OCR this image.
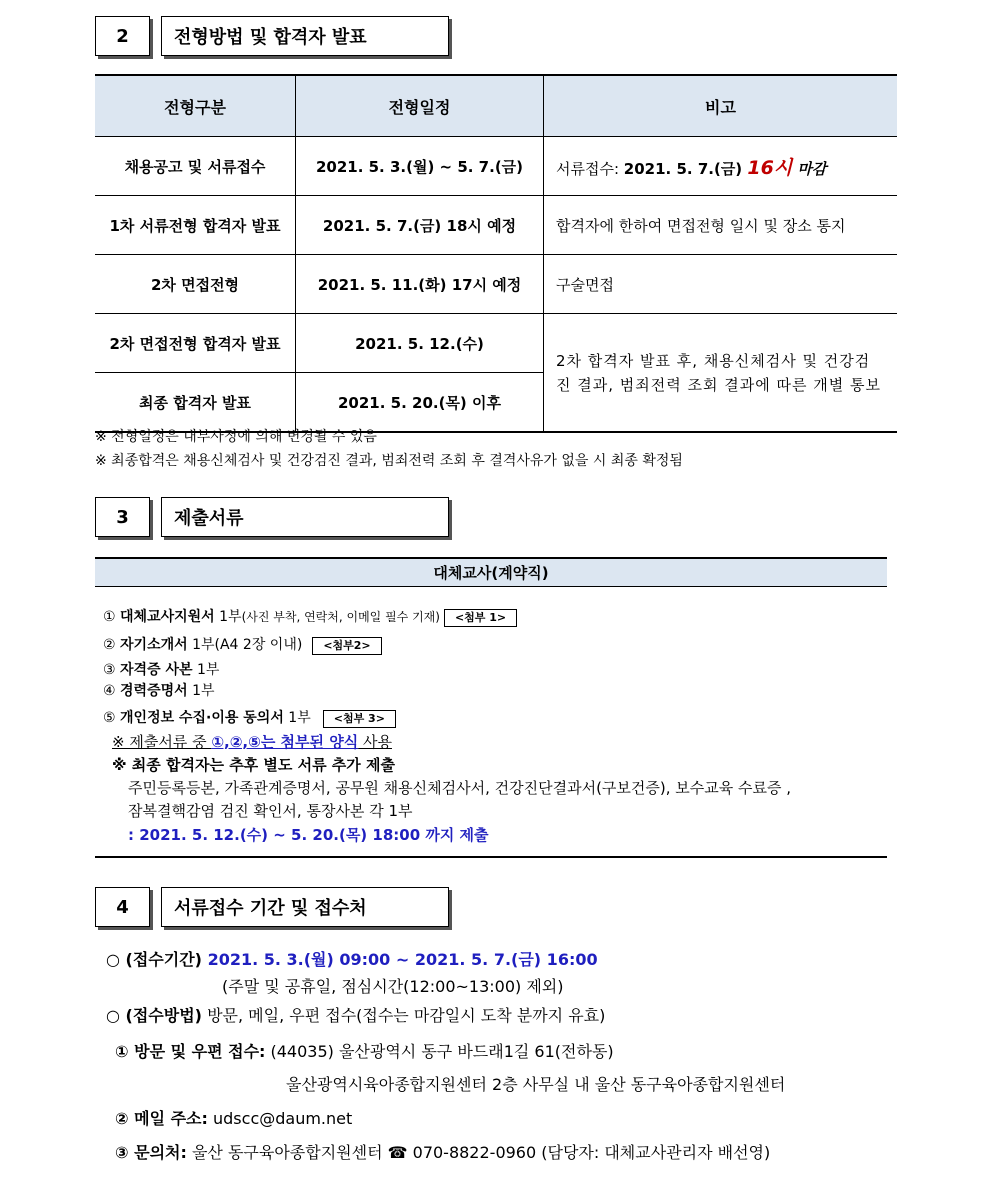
2	전형방법 및 합격자 발표
전형구분	전형일정	비고
채용공고 및 서류접수	2021. 5. 3.(월) ~ 5. 7.(금)	서류접수: 2021. 5. 7.(금) 16시 마감
1차 서류전형 합격자 발표	2021. 5. 7.(금) 18시 예정	합격자에 한하여 면접전형 일시 및 장소 통지
2차 면접전형	2021. 5. 11.(화) 17시 예정	구술면접
2차 면접전형 합격자 발표	2021. 5. 12.(수)	2차 합격자 발표 후, 채용신체검사 및 건강검진 결과, 범죄전력 조회 결과에 따른 개별 통보
최종 합격자 발표	2021. 5. 20.(목) 이후	
※ 전형일정은 내부사정에 의해 변경될 수 있음
※ 최종합격은 채용신체검사 및 건강검진 결과, 범죄전력 조회 후 결격사유가 없을 시 최종 확정됨
3	제출서류
대체교사(계약직)
① 대체교사지원서 1부(사진 부착, 연락처, 이메일 필수 기재) <첨부 1>
② 자기소개서 1부(A4 2장 이내) <첨부2>
③ 자격증 사본 1부
④ 경력증명서 1부
⑤ 개인정보 수집·이용 동의서 1부 <첨부 3>
※ 제출서류 중 ①,②,⑤는 첨부된 양식 사용
※ 최종 합격자는 추후 별도 서류 추가 제출
주민등록등본, 가족관계증명서, 공무원 채용신체검사서, 건강진단결과서(구보건증), 보수교육 수료증 ,
잠복결핵감염 검진 확인서, 통장사본 각 1부
: 2021. 5. 12.(수) ~ 5. 20.(목) 18:00 까지 제출
4	서류접수 기간 및 접수처
○ (접수기간) 2021. 5. 3.(월) 09:00 ~ 2021. 5. 7.(금) 16:00
(주말 및 공휴일, 점심시간(12:00~13:00) 제외)
○ (접수방법) 방문, 메일, 우편 접수(접수는 마감일시 도착 분까지 유효)
① 방문 및 우편 접수: (44035) 울산광역시 동구 바드래1길 61(전하동)
울산광역시육아종합지원센터 2층 사무실 내 울산 동구육아종합지원센터
② 메일 주소: udscc@daum.net
③ 문의처: 울산 동구육아종합지원센터 ☎ 070-8822-0960 (담당자: 대체교사관리자 배선영)
